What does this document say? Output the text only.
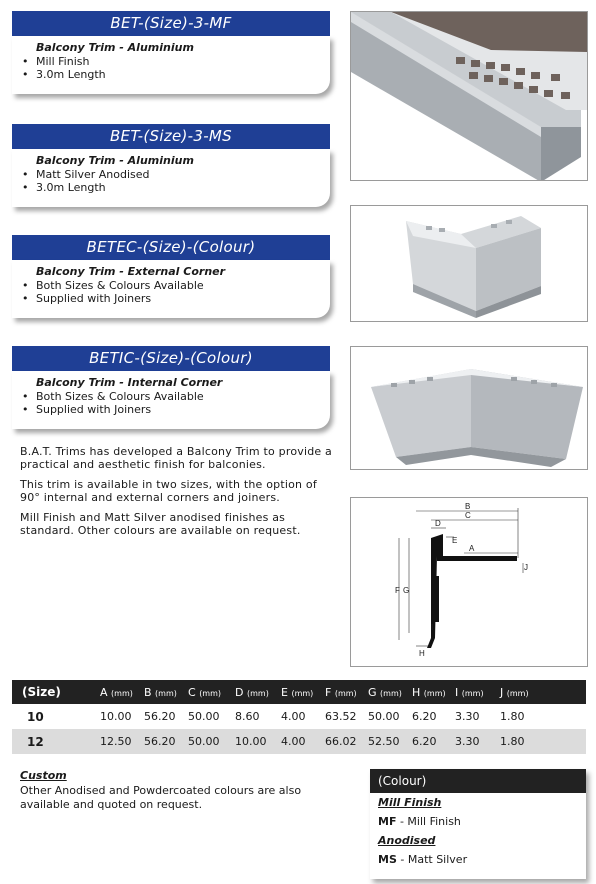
BET-(Size)-3-MF
Balcony Trim - Aluminium
• Mill Finish
• 3.0m Length
BET-(Size)-3-MS
Balcony Trim - Aluminium
• Matt Silver Anodised
• 3.0m Length
BETEC-(Size)-(Colour)
Balcony Trim - External Corner
• Both Sizes & Colours Available
• Supplied with Joiners
BETIC-(Size)-(Colour)
Balcony Trim - Internal Corner
• Both Sizes & Colours Available
• Supplied with Joiners

B.A.T. Trims has developed a Balcony Trim to provide a practical and aesthetic finish for balconies.

This trim is available in two sizes, with the option of 90° internal and external corners and joiners.

Mill Finish and Matt Silver anodised finishes as standard. Other colours are available on request.

B
C
D
E
A
F G
H
I
J
(Size)	A (mm)	B (mm)	C (mm)	D (mm)	E (mm)	F (mm)	G (mm)	H (mm)	I (mm)	J (mm)
10	10.00	56.20	50.00	8.60	4.00	63.52	50.00	6.20	3.30	1.80
12	12.50	56.20	50.00	10.00	4.00	66.02	52.50	6.20	3.30	1.80
Custom

Other Anodised and Powdercoated colours are also available and quoted on request.

(Colour)
Mill Finish
MF - Mill Finish
Anodised
MS - Matt Silver
